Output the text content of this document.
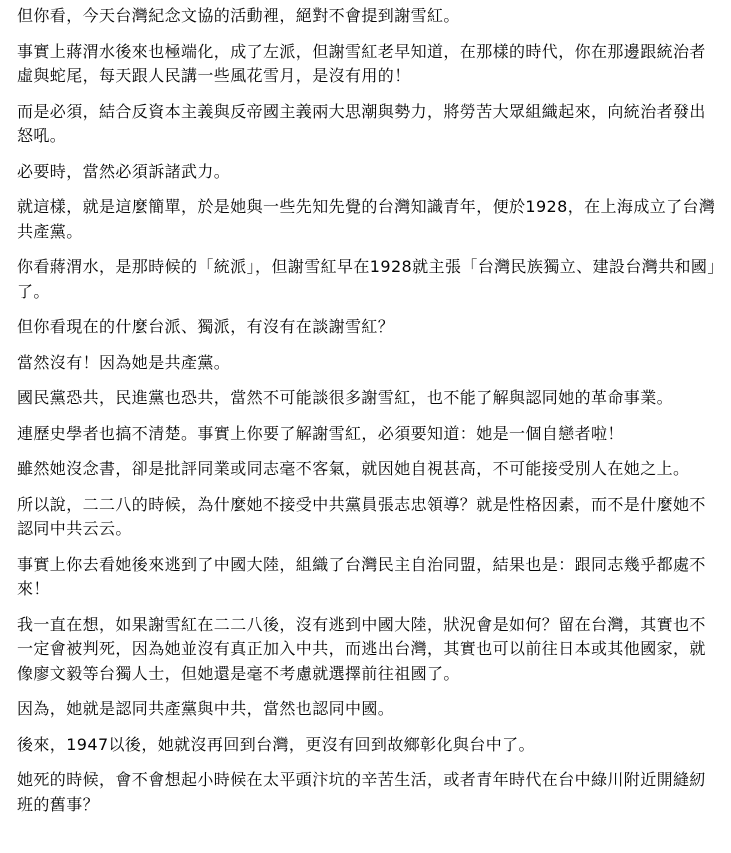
但你看，今天台灣紀念文協的活動裡，絕對不會提到謝雪紅。

事實上蔣渭水後來也極端化，成了左派，但謝雪紅老早知道，在那樣的時代，你在那邊跟統治者虛與蛇尾，每天跟人民講一些風花雪月，是沒有用的！

而是必須，結合反資本主義與反帝國主義兩大思潮與勢力，將勞苦大眾組織起來，向統治者發出怒吼。

必要時，當然必須訴諸武力。

就這樣，就是這麼簡單，於是她與一些先知先覺的台灣知識青年，便於1928，在上海成立了台灣共產黨。

你看蔣渭水，是那時候的「統派」，但謝雪紅早在1928就主張「台灣民族獨立、建設台灣共和國」了。

但你看現在的什麼台派、獨派，有沒有在談謝雪紅？

當然沒有！因為她是共產黨。

國民黨恐共，民進黨也恐共，當然不可能談很多謝雪紅，也不能了解與認同她的革命事業。

連歷史學者也搞不清楚。事實上你要了解謝雪紅，必須要知道：她是一個自戀者啦！

雖然她沒念書，卻是批評同業或同志毫不客氣，就因她自視甚高，不可能接受別人在她之上。

所以說，二二八的時候，為什麼她不接受中共黨員張志忠領導？就是性格因素，而不是什麼她不認同中共云云。

事實上你去看她後來逃到了中國大陸，組織了台灣民主自治同盟，結果也是：跟同志幾乎都處不來！

我一直在想，如果謝雪紅在二二八後，沒有逃到中國大陸，狀況會是如何？留在台灣，其實也不一定會被判死，因為她並沒有真正加入中共，而逃出台灣，其實也可以前往日本或其他國家，就像廖文毅等台獨人士，但她還是毫不考慮就選擇前往祖國了。

因為，她就是認同共產黨與中共，當然也認同中國。

後來，1947以後，她就沒再回到台灣，更沒有回到故鄉彰化與台中了。

她死的時候，會不會想起小時候在太平頭汴坑的辛苦生活，或者青年時代在台中綠川附近開縫紉班的舊事？
